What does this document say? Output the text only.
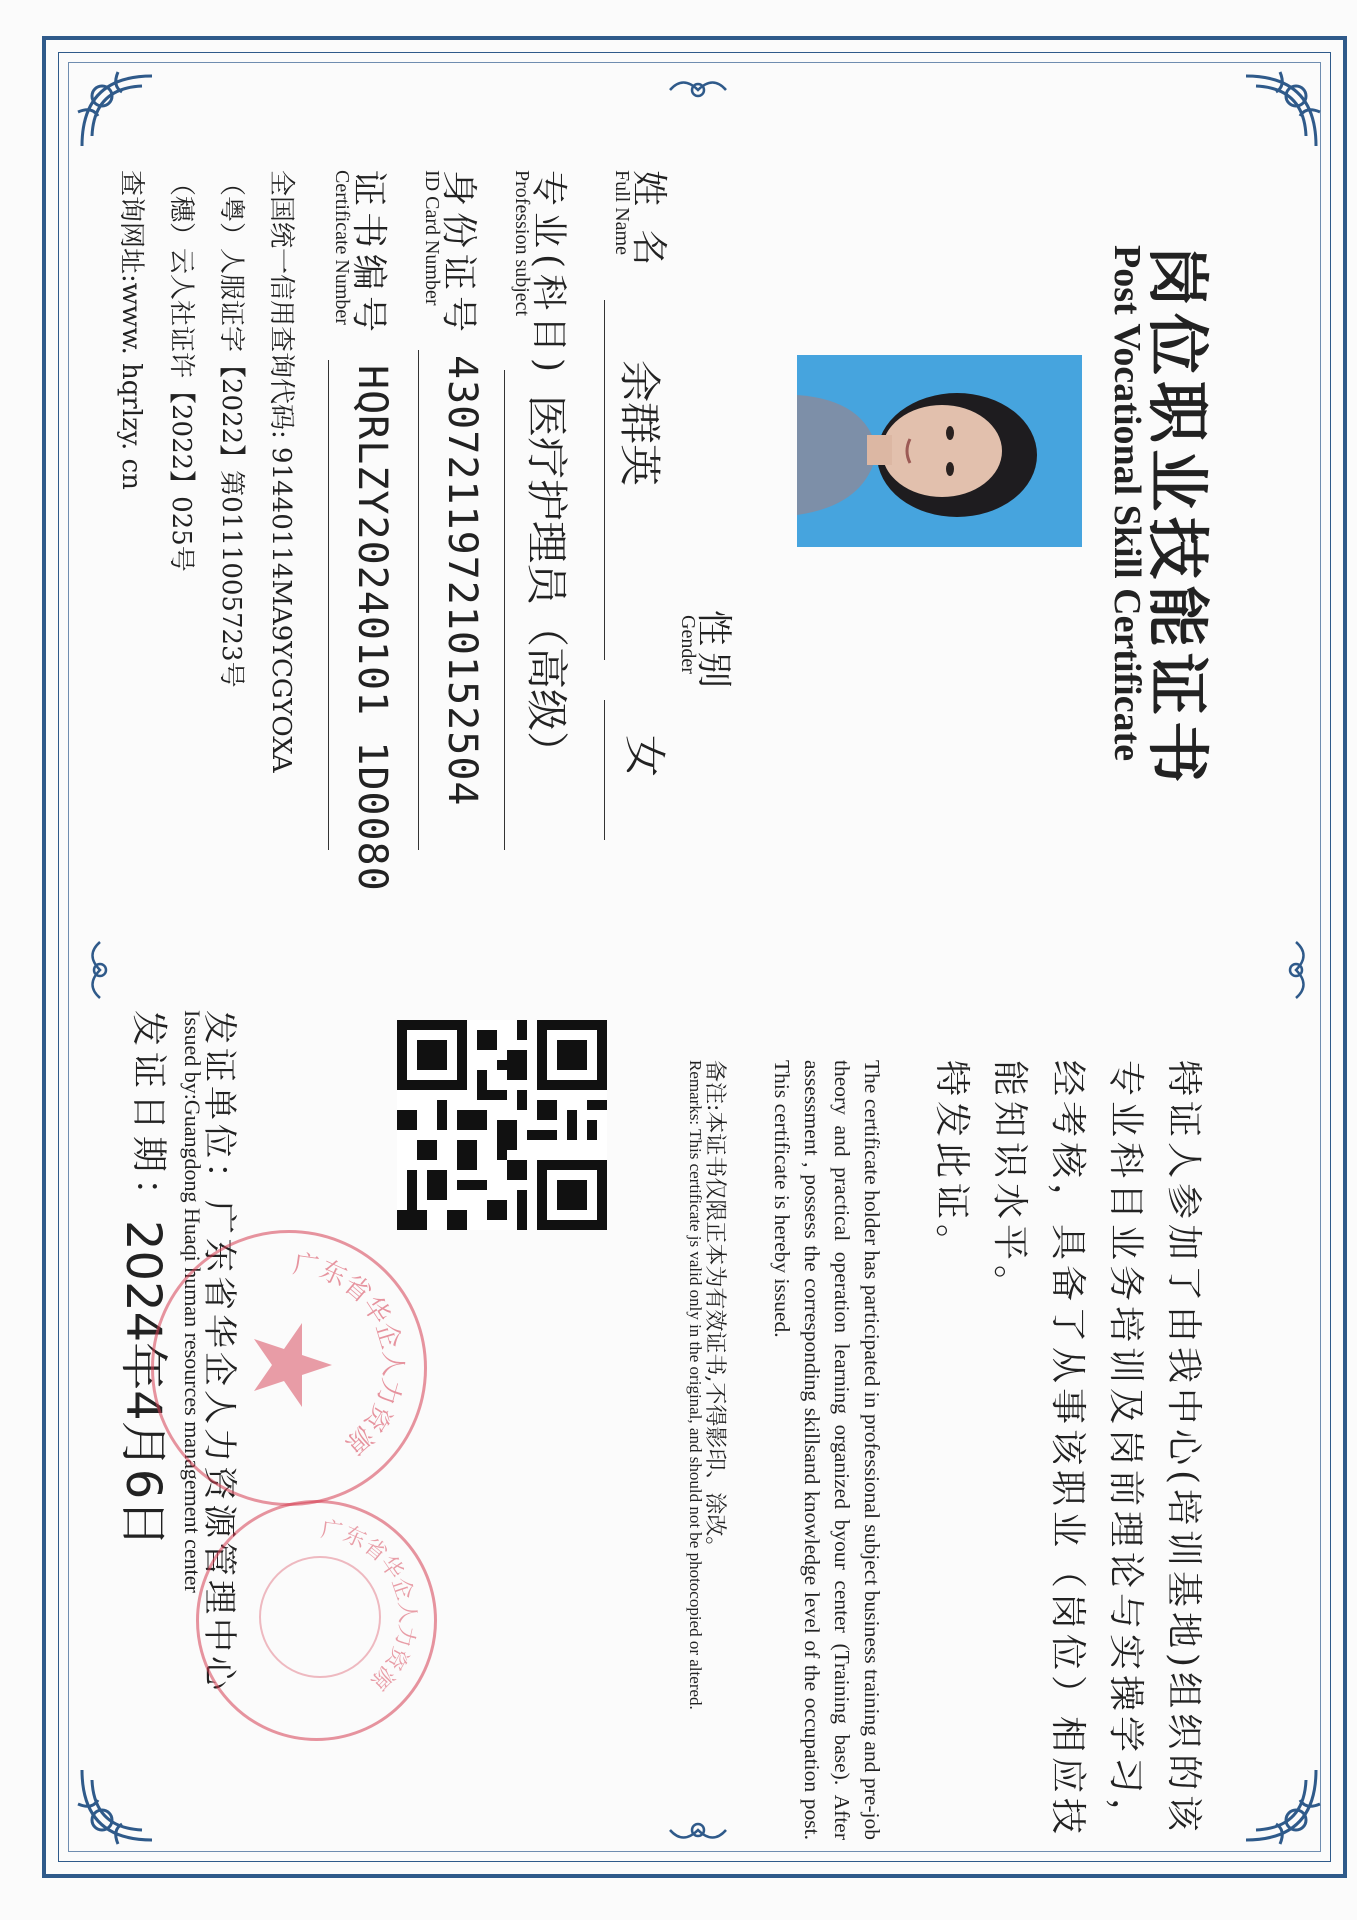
岗位职业技能证书
Post Vocational Skill Certificate
姓 名
Full Name
余群英
性别
Gender
女
专业(科目)
Profession subject
医疗护理员（高级）
身份证号
ID Card Number
430721197210152504
证书编号
Certificate Number
HQRLZY20240101 1D0080
全国统一信用查询代码: 91440114MA9YCGYOXA
（粤）人服证字【2022】第0111005723号
（穗）云人社证许【2022】025号
查询网址:www. hqrlzy. cn
特证人参加了由我中心(培训基地)组织的该专业科目业务培训及岗前理论与实操学习，经考核，具备了从事该职业（岗位）相应技能知识水平。
特发此证。
The certificate holder has participated in professional subject business training and pre-job theory and practical operation learning organized byour center (Training base). After assessment , possess the corresponding skillsand knowledge level of the occupation post. This certificate is hereby issued.
备注:本证书仅限正本为有效证书,不得影印、涂改。
Remarks: This certificate js valid only in the original, and should not be photocopied or altered.
发证单位：广东省华企人力资源管理中心
Issued by:Guangdong Huaqi human resources management center
发证日期：
2024年4月6日	广东省华企人力资源
广东省华企人力资源
